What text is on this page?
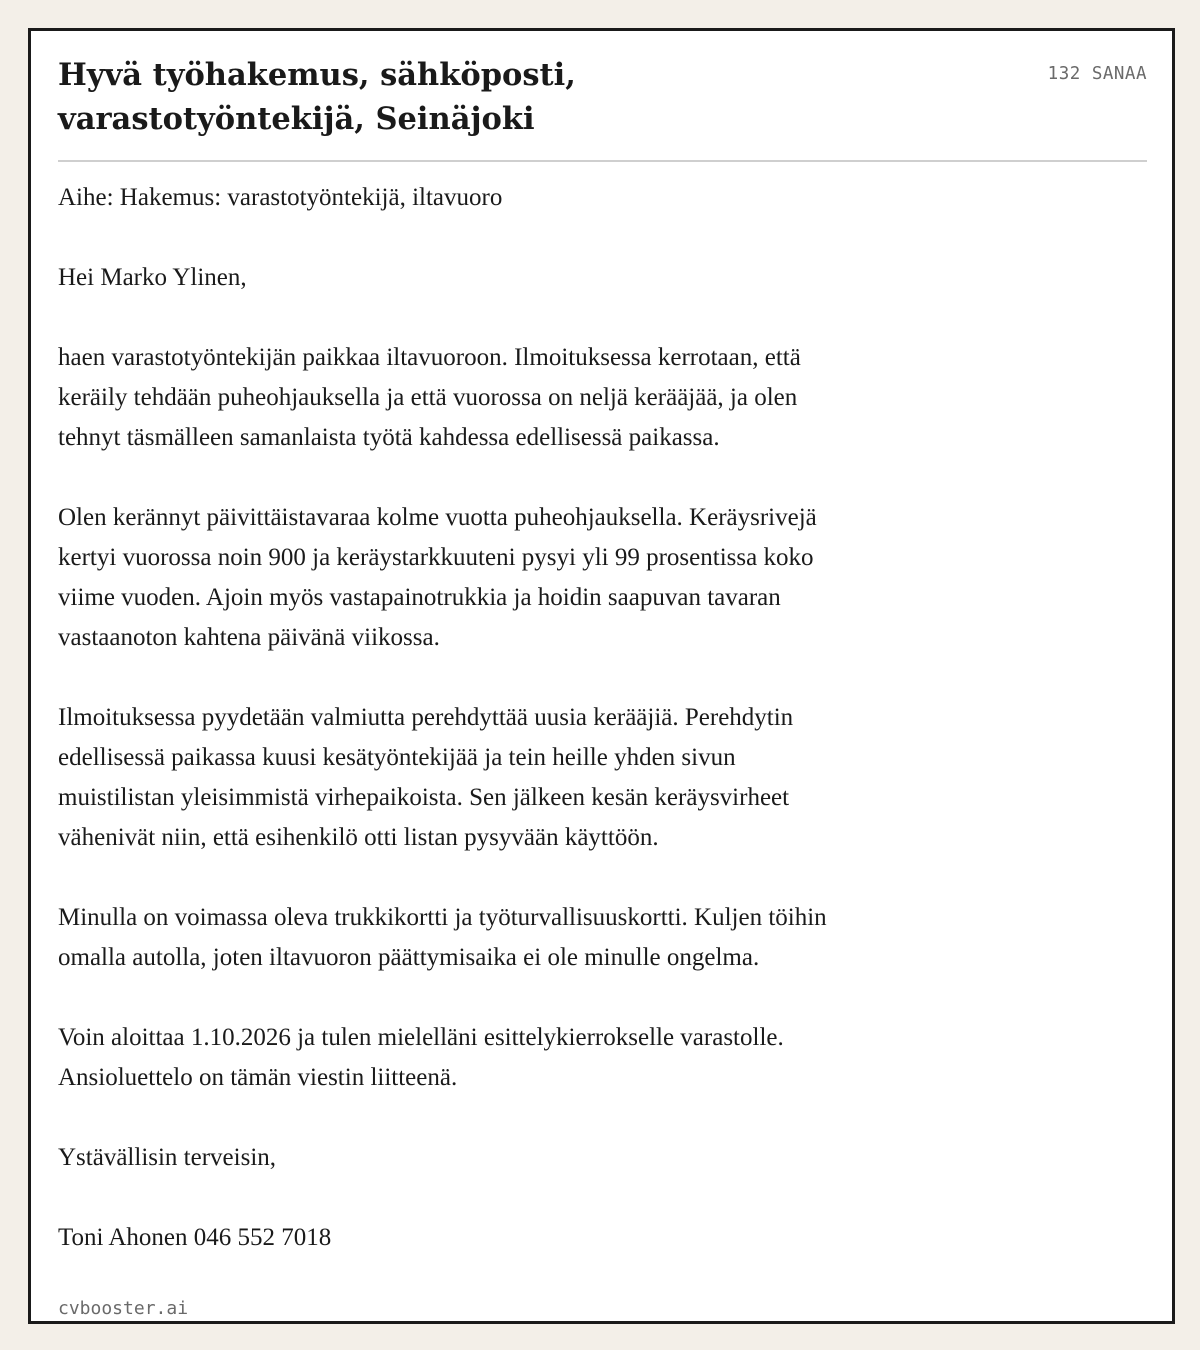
Hyvä työhakemus, sähköposti, varastotyöntekijä, Seinäjoki
132 SANAA

Aihe: Hakemus: varastotyöntekijä, iltavuoro

Hei Marko Ylinen,

haen varastotyöntekijän paikkaa iltavuoroon. Ilmoituksessa kerrotaan, että
keräily tehdään puheohjauksella ja että vuorossa on neljä kerääjää, ja olen
tehnyt täsmälleen samanlaista työtä kahdessa edellisessä paikassa.

Olen kerännyt päivittäistavaraa kolme vuotta puheohjauksella. Keräysrivejä
kertyi vuorossa noin 900 ja keräystarkkuuteni pysyi yli 99 prosentissa koko
viime vuoden. Ajoin myös vastapainotrukkia ja hoidin saapuvan tavaran
vastaanoton kahtena päivänä viikossa.

Ilmoituksessa pyydetään valmiutta perehdyttää uusia kerääjiä. Perehdytin
edellisessä paikassa kuusi kesätyöntekijää ja tein heille yhden sivun
muistilistan yleisimmistä virhepaikoista. Sen jälkeen kesän keräysvirheet
vähenivät niin, että esihenkilö otti listan pysyvään käyttöön.

Minulla on voimassa oleva trukkikortti ja työturvallisuuskortti. Kuljen töihin
omalla autolla, joten iltavuoron päättymisaika ei ole minulle ongelma.

Voin aloittaa 1.10.2026 ja tulen mielelläni esittelykierrokselle varastolle.
Ansioluettelo on tämän viestin liitteenä.

Ystävällisin terveisin,

Toni Ahonen 046 552 7018

cvbooster.ai
